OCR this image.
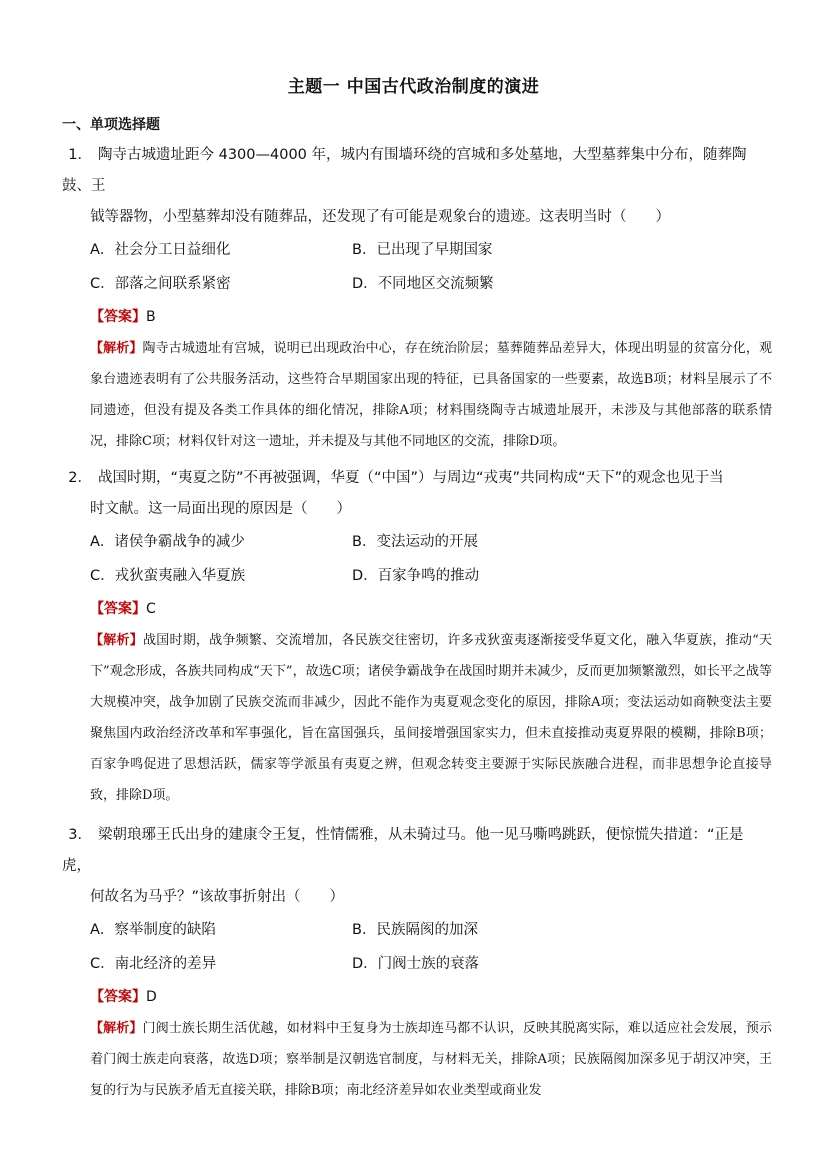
主题一 中国古代政治制度的演进
一、单项选择题
1． 陶寺古城遗址距今 4300—4000 年，城内有围墙环绕的宫城和多处墓地，大型墓葬集中分布，随葬陶鼓、王
钺等器物，小型墓葬却没有随葬品，还发现了有可能是观象台的遗迹。这表明当时（　　）
A．社会分工日益细化	B．已出现了早期国家
C．部落之间联系紧密	D．不同地区交流频繁
【答案】B
【解析】陶寺古城遗址有宫城，说明已出现政治中心，存在统治阶层；墓葬随葬品差异大，体现出明显的贫富分化，观象台遗迹表明有了公共服务活动，这些符合早期国家出现的特征，已具备国家的一些要素，故选B项；材料呈展示了不同遗迹，但没有提及各类工作具体的细化情况，排除A项；材料围绕陶寺古城遗址展开，未涉及与其他部落的联系情况，排除C项；材料仅针对这一遗址，并未提及与其他不同地区的交流，排除D项。
2． 战国时期，“夷夏之防”不再被强调，华夏（“中国”）与周边“戎夷”共同构成“天下”的观念也见于当
时文献。这一局面出现的原因是（　　）
A．诸侯争霸战争的减少	B．变法运动的开展
C．戎狄蛮夷融入华夏族	D．百家争鸣的推动
【答案】C
【解析】战国时期，战争频繁、交流增加，各民族交往密切，许多戎狄蛮夷逐渐接受华夏文化，融入华夏族，推动“天下”观念形成，各族共同构成“天下”，故选C项；诸侯争霸战争在战国时期并未减少，反而更加频繁激烈，如长平之战等大规模冲突，战争加剧了民族交流而非减少，因此不能作为夷夏观念变化的原因，排除A项；变法运动如商鞅变法主要聚焦国内政治经济改革和军事强化，旨在富国强兵，虽间接增强国家实力，但未直接推动夷夏界限的模糊，排除B项；百家争鸣促进了思想活跃，儒家等学派虽有夷夏之辨，但观念转变主要源于实际民族融合进程，而非思想争论直接导致，排除D项。
3． 梁朝琅琊王氏出身的建康令王复，性情儒雅，从未骑过马。他一见马嘶鸣跳跃，便惊慌失措道：“正是虎，
何故名为马乎？”该故事折射出（　　）
A．察举制度的缺陷	B．民族隔阂的加深
C．南北经济的差异	D．门阀士族的衰落
【答案】D
【解析】门阀士族长期生活优越，如材料中王复身为士族却连马都不认识，反映其脱离实际，难以适应社会发展，预示着门阀士族走向衰落，故选D项；察举制是汉朝选官制度，与材料无关，排除A项；民族隔阂加深多见于胡汉冲突，王复的行为与民族矛盾无直接关联，排除B项；南北经济差异如农业类型或商业发
